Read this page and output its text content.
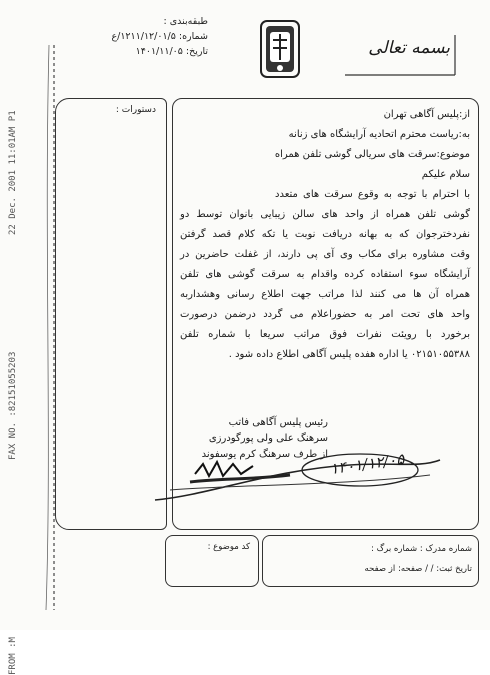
22 Dec. 2001 11:01AM P1
FAX NO. :82151055203
FROM :M
طبقه‌بندی :
شماره: ۱۲۱۱/۱۲/۰۱/۵/ع
تاریخ: ۱۴۰۱/۱۱/۰۵	بسمه تعالی
دستورات :	از:پلیس آگاهی تهران

به:ریاست محترم اتحادیه آرایشگاه های زنانه

موضوع:سرقت های سریالی گوشی تلفن همراه

سلام علیکم

با احترام با توجه به وقوع سرقت های متعدد

گوشی تلفن همراه از واحد های سالن زیبایی بانوان توسط دو

نفردخترجوان که به بهانه دریافت نوبت یا تکه کلام قصد گرفتن

وقت مشاوره برای مکاب وی آی پی دارند، از غفلت حاضرین در

آرایشگاه سوء استفاده کرده واقدام به سرقت گوشی های تلفن

همراه آن ها می کنند لذا مراتب جهت اطلاع رسانی وهشداربه

واحد های تحت امر به حضوراعلام می گردد درضمن درصورت

برخورد با رویئت نفرات فوق مراتب سریعا با شماره تلفن

۰۲۱۵۱۰۵۵۳۸۸ یا اداره هفده پلیس آگاهی اطلاع داده شود .

رئیس پلیس آگاهی فاتب
سرهنگ علی ولی پورگودرزی
از طرف سرهنگ کرم یوسفوند ۱۴۰۱/۱۲/۰۵
کد موضوع :	شماره مدرک : شماره برگ :
تاریخ ثبت: / / صفحه: از صفحه
